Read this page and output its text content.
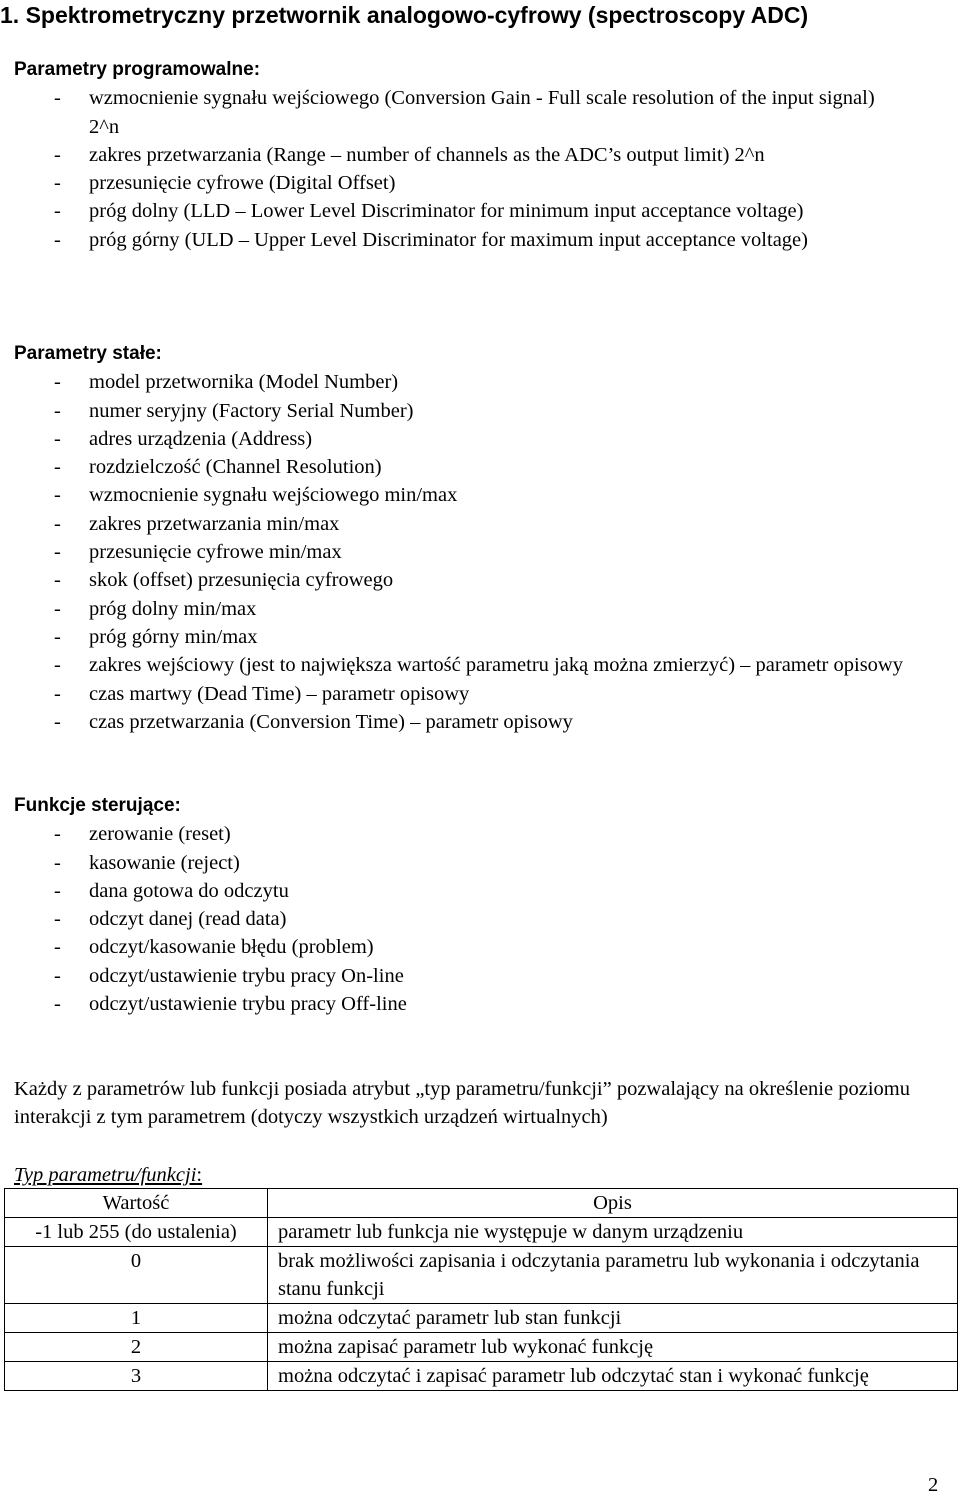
1. Spektrometryczny przetwornik analogowo-cyfrowy (spectroscopy ADC)
Parametry programowalne:
- wzmocnienie sygnału wejściowego (Conversion Gain - Full scale resolution of the input signal) 2^n
- zakres przetwarzania (Range – number of channels as the ADC’s output limit) 2^n
- przesunięcie cyfrowe (Digital Offset)
- próg dolny (LLD – Lower Level Discriminator for minimum input acceptance voltage)
- próg górny (ULD – Upper Level Discriminator for maximum input acceptance voltage)
Parametry stałe:
- model przetwornika (Model Number)
- numer seryjny (Factory Serial Number)
- adres urządzenia (Address)
- rozdzielczość (Channel Resolution)
- wzmocnienie sygnału wejściowego min/max
- zakres przetwarzania min/max
- przesunięcie cyfrowe min/max
- skok (offset) przesunięcia cyfrowego
- próg dolny min/max
- próg górny min/max
- zakres wejściowy (jest to największa wartość parametru jaką można zmierzyć) – parametr opisowy
- czas martwy (Dead Time) – parametr opisowy
- czas przetwarzania (Conversion Time) – parametr opisowy
Funkcje sterujące:
- zerowanie (reset)
- kasowanie (reject)
- dana gotowa do odczytu
- odczyt danej (read data)
- odczyt/kasowanie błędu (problem)
- odczyt/ustawienie trybu pracy On-line
- odczyt/ustawienie trybu pracy Off-line

Każdy z parametrów lub funkcji posiada atrybut „typ parametru/funkcji” pozwalający na określenie poziomu interakcji z tym parametrem (dotyczy wszystkich urządzeń wirtualnych)

Typ parametru/funkcji:
Wartość	Opis
-1 lub 255 (do ustalenia)	parametr lub funkcja nie występuje w danym urządzeniu
0	brak możliwości zapisania i odczytania parametru lub wykonania i odczytania stanu funkcji
1	można odczytać parametr lub stan funkcji
2	można zapisać parametr lub wykonać funkcję
3	można odczytać i zapisać parametr lub odczytać stan i wykonać funkcję
2
